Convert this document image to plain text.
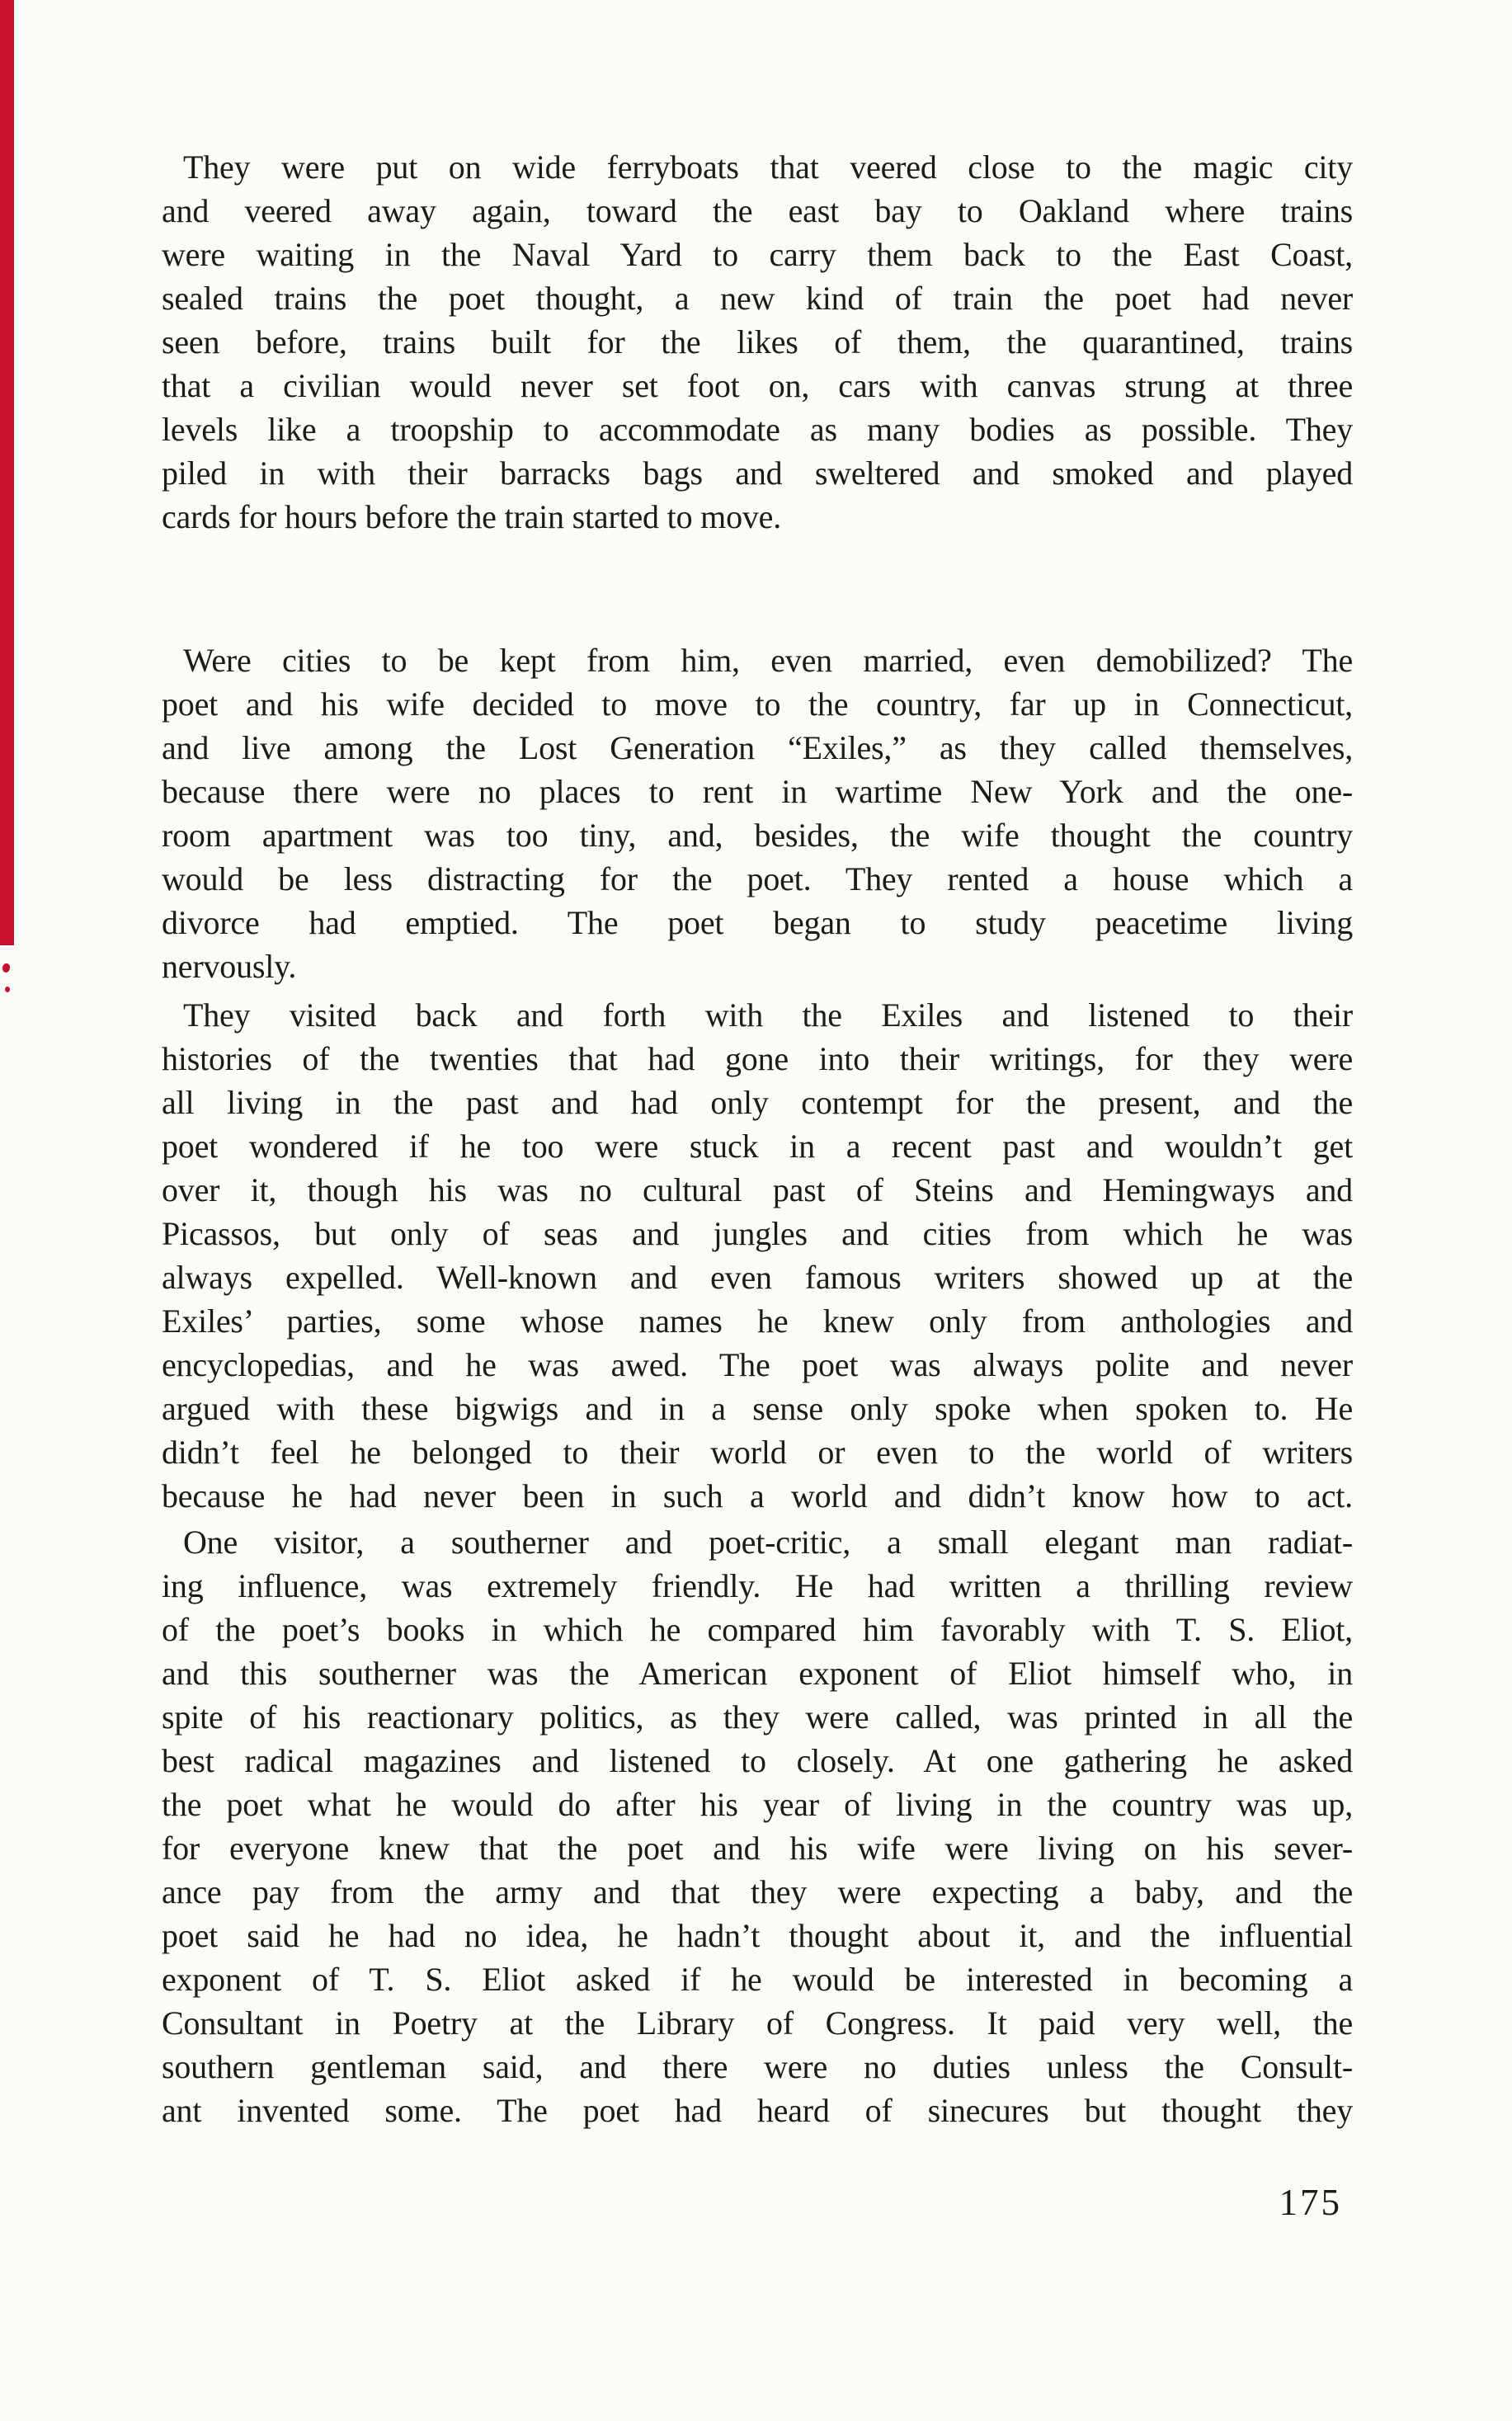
They were put on wide ferryboats that veered close to the magic city
and veered away again, toward the east bay to Oakland where trains
were waiting in the Naval Yard to carry them back to the East Coast,
sealed trains the poet thought, a new kind of train the poet had never
seen before, trains built for the likes of them, the quarantined, trains
that a civilian would never set foot on, cars with canvas strung at three
levels like a troopship to accommodate as many bodies as possible. They
piled in with their barracks bags and sweltered and smoked and played
cards for hours before the train started to move.

Were cities to be kept from him, even married, even demobilized? The
poet and his wife decided to move to the country, far up in Connecticut,
and live among the Lost Generation “Exiles,” as they called themselves,
because there were no places to rent in wartime New York and the one-
room apartment was too tiny, and, besides, the wife thought the country
would be less distracting for the poet. They rented a house which a
divorce had emptied. The poet began to study peacetime living
nervously.

They visited back and forth with the Exiles and listened to their
histories of the twenties that had gone into their writings, for they were
all living in the past and had only contempt for the present, and the
poet wondered if he too were stuck in a recent past and wouldn’t get
over it, though his was no cultural past of Steins and Hemingways and
Picassos, but only of seas and jungles and cities from which he was
always expelled. Well-known and even famous writers showed up at the
Exiles’ parties, some whose names he knew only from anthologies and
encyclopedias, and he was awed. The poet was always polite and never
argued with these bigwigs and in a sense only spoke when spoken to. He
didn’t feel he belonged to their world or even to the world of writers
because he had never been in such a world and didn’t know how to act.

One visitor, a southerner and poet-critic, a small elegant man radiat-
ing influence, was extremely friendly. He had written a thrilling review
of the poet’s books in which he compared him favorably with T. S. Eliot,
and this southerner was the American exponent of Eliot himself who, in
spite of his reactionary politics, as they were called, was printed in all the
best radical magazines and listened to closely. At one gathering he asked
the poet what he would do after his year of living in the country was up,
for everyone knew that the poet and his wife were living on his sever-
ance pay from the army and that they were expecting a baby, and the
poet said he had no idea, he hadn’t thought about it, and the influential
exponent of T. S. Eliot asked if he would be interested in becoming a
Consultant in Poetry at the Library of Congress. It paid very well, the
southern gentleman said, and there were no duties unless the Consult-
ant invented some. The poet had heard of sinecures but thought they

175
